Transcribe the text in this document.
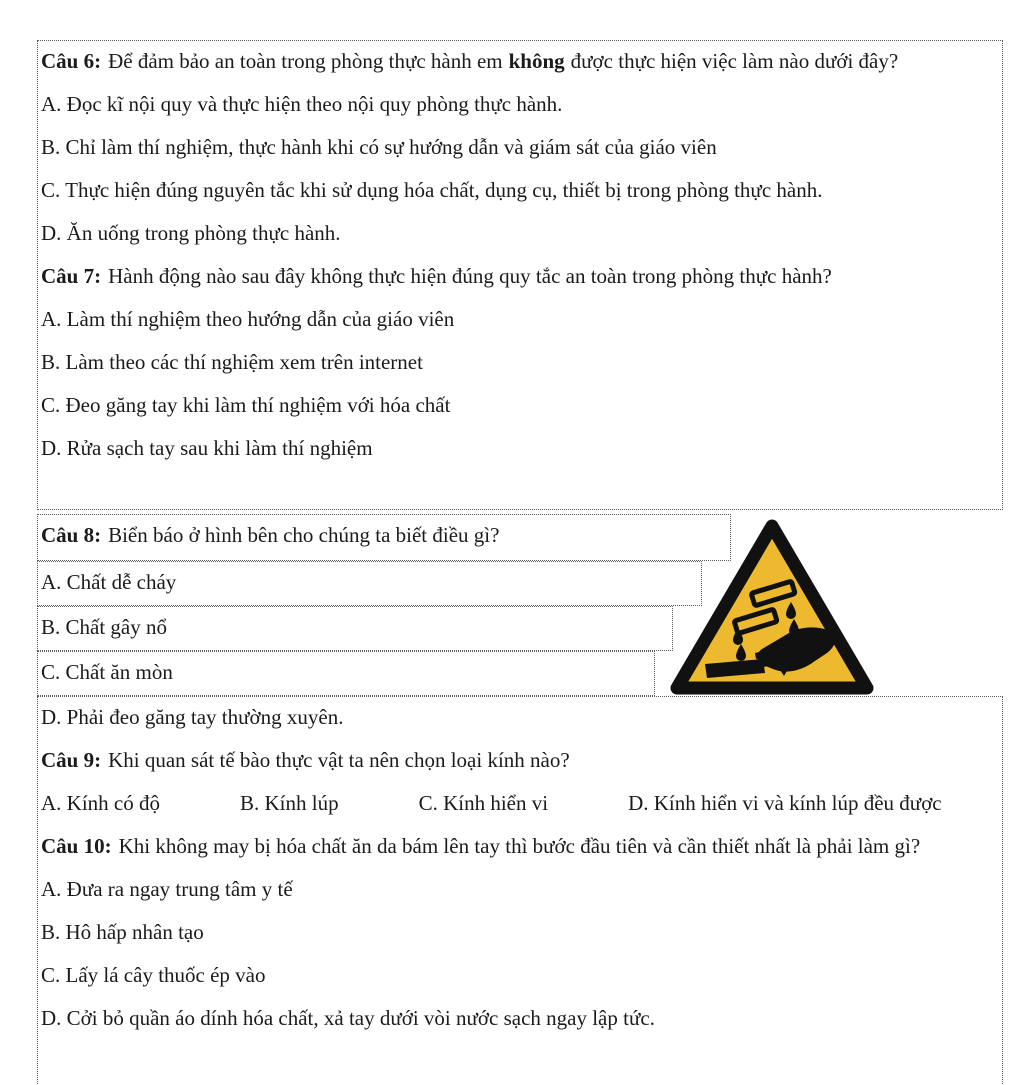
Câu 6: Để đảm bảo an toàn trong phòng thực hành em không được thực hiện việc làm nào dưới đây?

A. Đọc kĩ nội quy và thực hiện theo nội quy phòng thực hành.

B. Chỉ làm thí nghiệm, thực hành khi có sự hướng dẫn và giám sát của giáo viên

C. Thực hiện đúng nguyên tắc khi sử dụng hóa chất, dụng cụ, thiết bị trong phòng thực hành.

D. Ăn uống trong phòng thực hành.

Câu 7: Hành động nào sau đây không thực hiện đúng quy tắc an toàn trong phòng thực hành?

A. Làm thí nghiệm theo hướng dẫn của giáo viên

B. Làm theo các thí nghiệm xem trên internet

C. Đeo găng tay khi làm thí nghiệm với hóa chất

D. Rửa sạch tay sau khi làm thí nghiệm

Câu 8: Biển báo ở hình bên cho chúng ta biết điều gì?

A. Chất dễ cháy

B. Chất gây nổ

C. Chất ăn mòn

D. Phải đeo găng tay thường xuyên.

Câu 9: Khi quan sát tế bào thực vật ta nên chọn loại kính nào?

A. Kính có độ	B. Kính lúp	C. Kính hiển vi	D. Kính hiển vi và kính lúp đều được

Câu 10: Khi không may bị hóa chất ăn da bám lên tay thì bước đầu tiên và cần thiết nhất là phải làm gì?

A. Đưa ra ngay trung tâm y tế

B. Hô hấp nhân tạo

C. Lấy lá cây thuốc ép vào

D. Cởi bỏ quần áo dính hóa chất, xả tay dưới vòi nước sạch ngay lập tức.
